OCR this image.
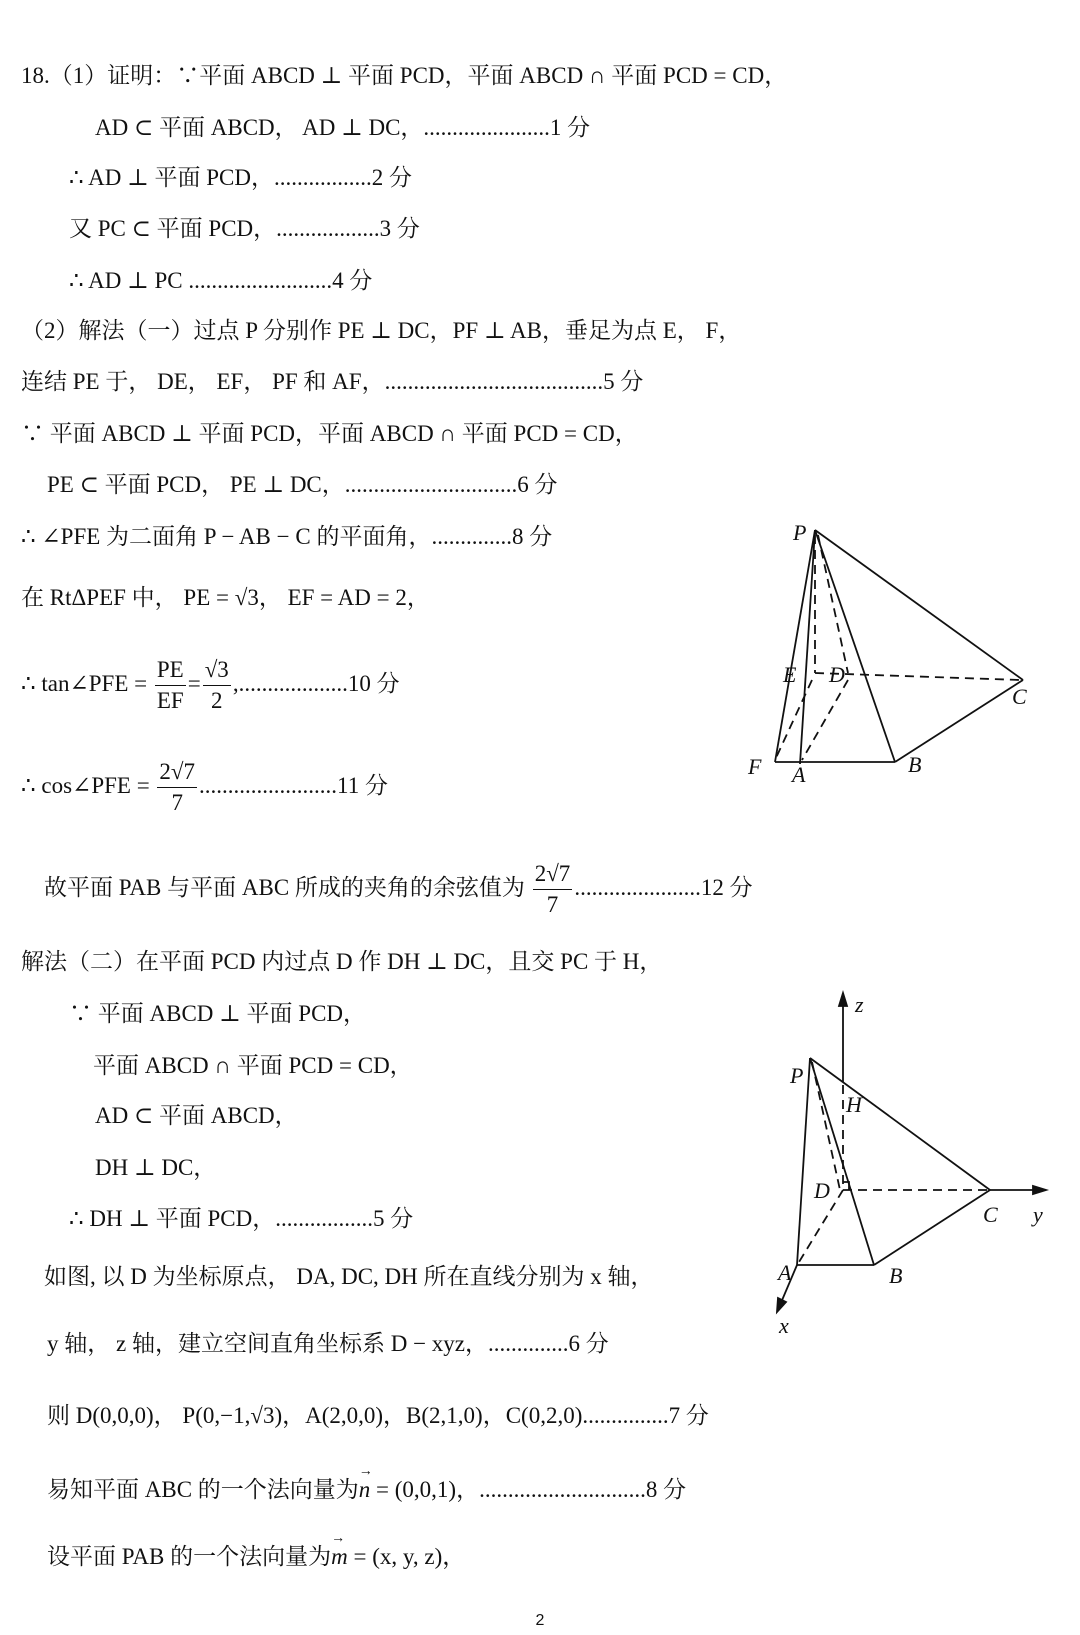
18.（1）证明：∵平面 ABCD ⊥ 平面 PCD，平面 ABCD ∩ 平面 PCD = CD，
AD ⊂ 平面 ABCD， AD ⊥ DC，......................1 分
∴ AD ⊥ 平面 PCD，.................2 分
又 PC ⊂ 平面 PCD，..................3 分
∴ AD ⊥ PC .........................4 分
（2）解法（一）过点 P 分别作 PE ⊥ DC，PF ⊥ AB，垂足为点 E， F，
连结 PE 于， DE， EF， PF 和 AF，......................................5 分
∵ 平面 ABCD ⊥ 平面 PCD，平面 ABCD ∩ 平面 PCD = CD，
PE ⊂ 平面 PCD， PE ⊥ DC，..............................6 分
∴ ∠PFE 为二面角 P − AB − C 的平面角，..............8 分
在 RtΔPEF 中， PE = √3， EF = AD = 2，
∴ tan∠PFE = $\frac{PE}{EF} = \frac{√3}{2} ,...................10$ 分
∴ cos∠PFE = $\frac{2√7}{7} ........................11$ 分
故平面 PAB 与平面 ABC 所成的夹角的余弦值为 $\frac{2√7}{7} ......................12$ 分
解法（二）在平面 PCD 内过点 D 作 DH ⊥ DC，且交 PC 于 H，
∵ 平面 ABCD ⊥ 平面 PCD，
平面 ABCD ∩ 平面 PCD = CD，
AD ⊂ 平面 ABCD，
DH ⊥ DC，
∴ DH ⊥ 平面 PCD，.................5 分
如图, 以 D 为坐标原点， DA, DC, DH 所在直线分别为 x 轴，
y 轴， z 轴，建立空间直角坐标系 D − xyz，..............6 分
则 D(0,0,0)， P(0,−1,√3)，A(2,0,0)，B(2,1,0)，C(0,2,0)...............7 分
易知平面 ABC 的一个法向量为→ n = (0,0,1)，.............................8 分
设平面 PAB 的一个法向量为→ m = (x, y, z)，
P
E D
C
F A	B
z
P
H
D
C y
A	B
x
2
